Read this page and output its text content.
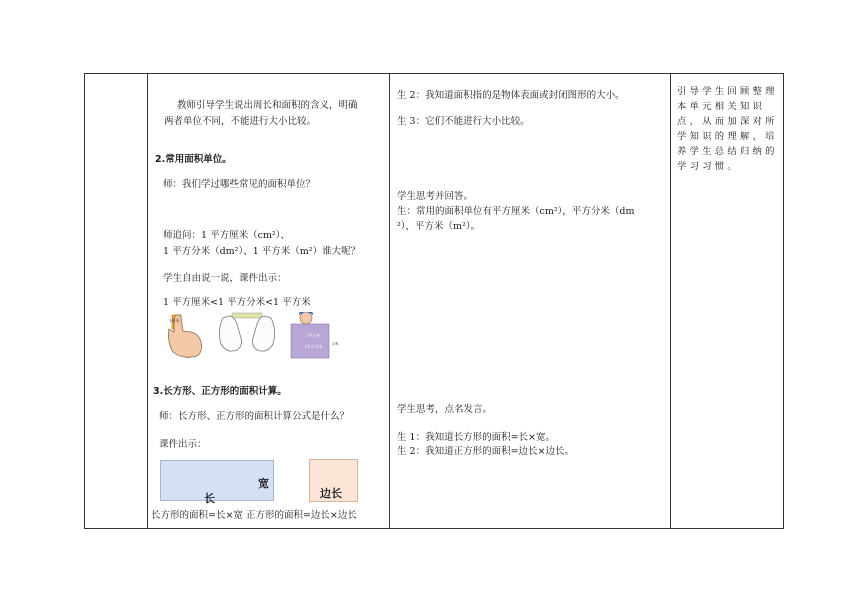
教师引导学生说出周长和面积的含义，明确
两者单位不同，不能进行大小比较。
2.常用面积单位。
师：我们学过哪些常见的面积单位？
师追问：1 平方厘米（cm²）、
1 平方分米（dm²）、1 平方米（m²）谁大呢？
学生自由说一说，课件出示：
1 平方厘米<1 平方分米<1 平方米
1厘米
1平方米
1平方分米
1米
3.长方形、正方形的面积计算。
师：长方形、正方形的面积计算公式是什么？
课件出示：
宽
长	边长
长方形的面积=长×宽 正方形的面积=边长×边长
生 2：我知道面积指的是物体表面或封闭图形的大小。
生 3：它们不能进行大小比较。
学生思考并回答。
生：常用的面积单位有平方厘米（cm²），平方分米（dm
²），平方米（m²）。
学生思考，点名发言。
生 1：我知道长方形的面积=长×宽。
生 2：我知道正方形的面积=边长×边长。
引导学生回顾整理
本单元相关知识
点，从而加深对所
学知识的理解，培
养学生总结归纳的
学习习惯。
